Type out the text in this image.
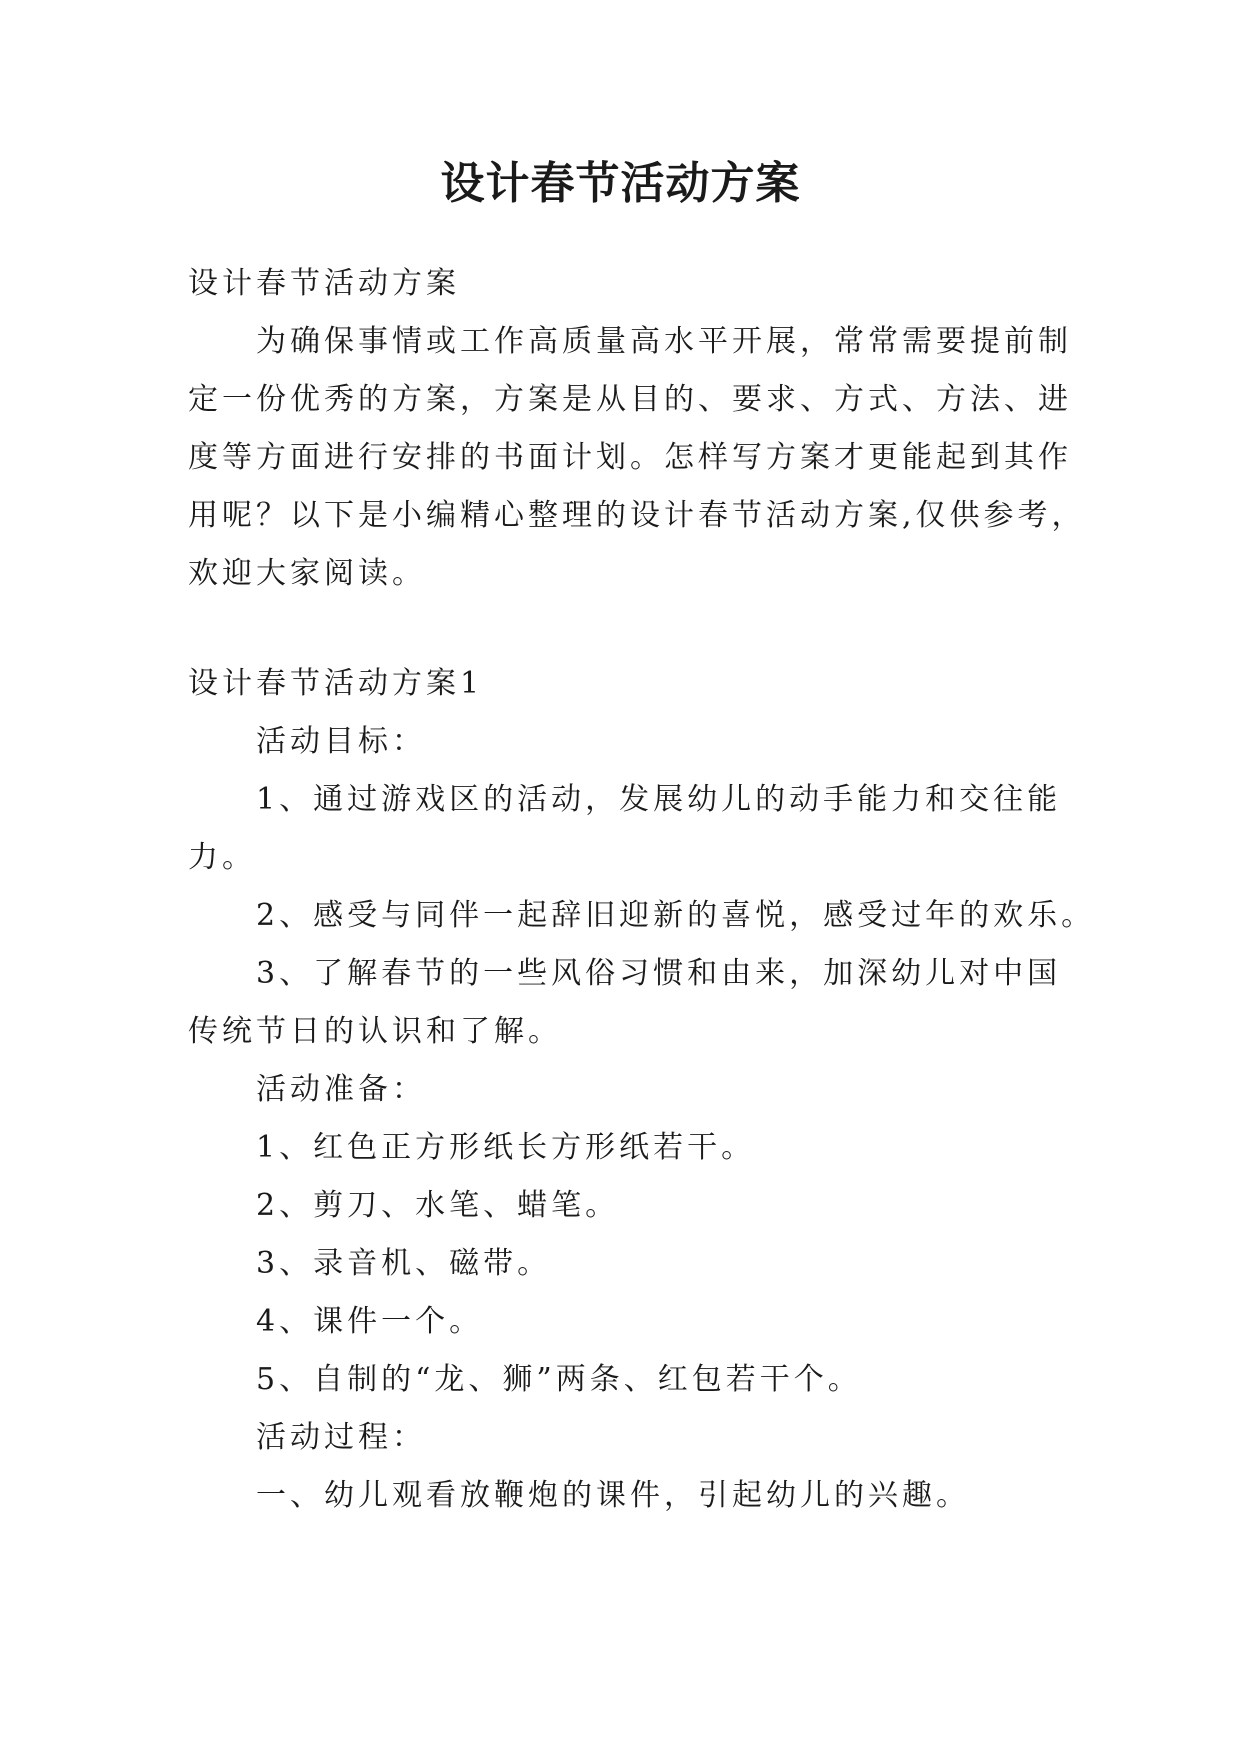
设计春节活动方案
设计春节活动方案
为确保事情或工作高质量高水平开展，常常需要提前制
定一份优秀的方案，方案是从目的、要求、方式、方法、进
度等方面进行安排的书面计划。怎样写方案才更能起到其作
用呢？以下是小编精心整理的设计春节活动方案,仅供参考，
欢迎大家阅读。
设计春节活动方案1
活动目标：
1、通过游戏区的活动，发展幼儿的动手能力和交往能
力。
2、感受与同伴一起辞旧迎新的喜悦，感受过年的欢乐。
3、了解春节的一些风俗习惯和由来，加深幼儿对中国
传统节日的认识和了解。
活动准备：
1、红色正方形纸长方形纸若干。
2、剪刀、水笔、蜡笔。
3、录音机、磁带。
4、课件一个。
5、自制的“龙、狮”两条、红包若干个。
活动过程：
一、幼儿观看放鞭炮的课件，引起幼儿的兴趣。
